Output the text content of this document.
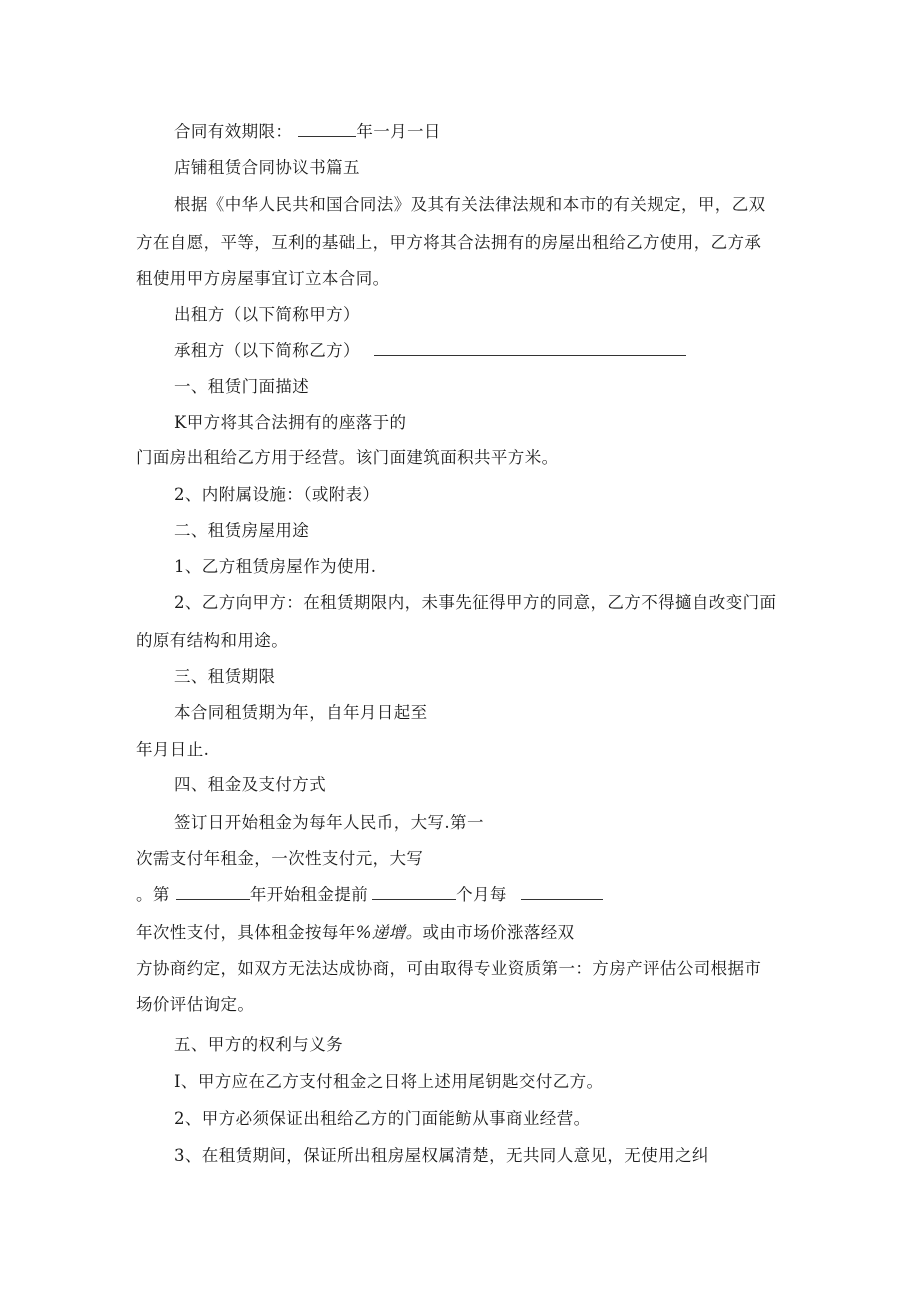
合同有效期限：	年一月一日
店铺租赁合同协议书篇五
根据《中华人民共和国合同法》及其有关法律法规和本市的有关规定，甲，乙双
方在自愿，平等，互利的基础上，甲方将其合法拥有的房屋出租给乙方使用，乙方承
租使用甲方房屋事宜订立本合同。
出租方（以下简称甲方）
承租方（以下简称乙方）
一、租赁门面描述
K甲方将其合法拥有的座落于的
门面房出租给乙方用于经营。该门面建筑面积共平方米。
2、内附属设施：（或附表）
二、租赁房屋用途
1、乙方租赁房屋作为使用.
2、乙方向甲方：在租赁期限内，未事先征得甲方的同意，乙方不得擿自改变门面
的原有结构和用途。
三、租赁期限
本合同租赁期为年，自年月日起至
年月日止.
四、租金及支付方式
签订日开始租金为每年人民币，大写.第一
次需支付年租金，一次性支付元，大写
。第	年开始租金提前	个月每
年次性支付，具体租金按每年%递增。或由市场价涨落经双
方协商约定，如双方无法达成协商，可由取得专业资质第一：方房产评估公司根据市
场价评估询定。
五、甲方的权利与义务
I、甲方应在乙方支付租金之日将上述用尾钥匙交付乙方。
2、甲方必须保证出租给乙方的门面能鲂从事商业经营。
3、在租赁期间，保证所出租房屋权属清楚，无共同人意见，无使用之纠
